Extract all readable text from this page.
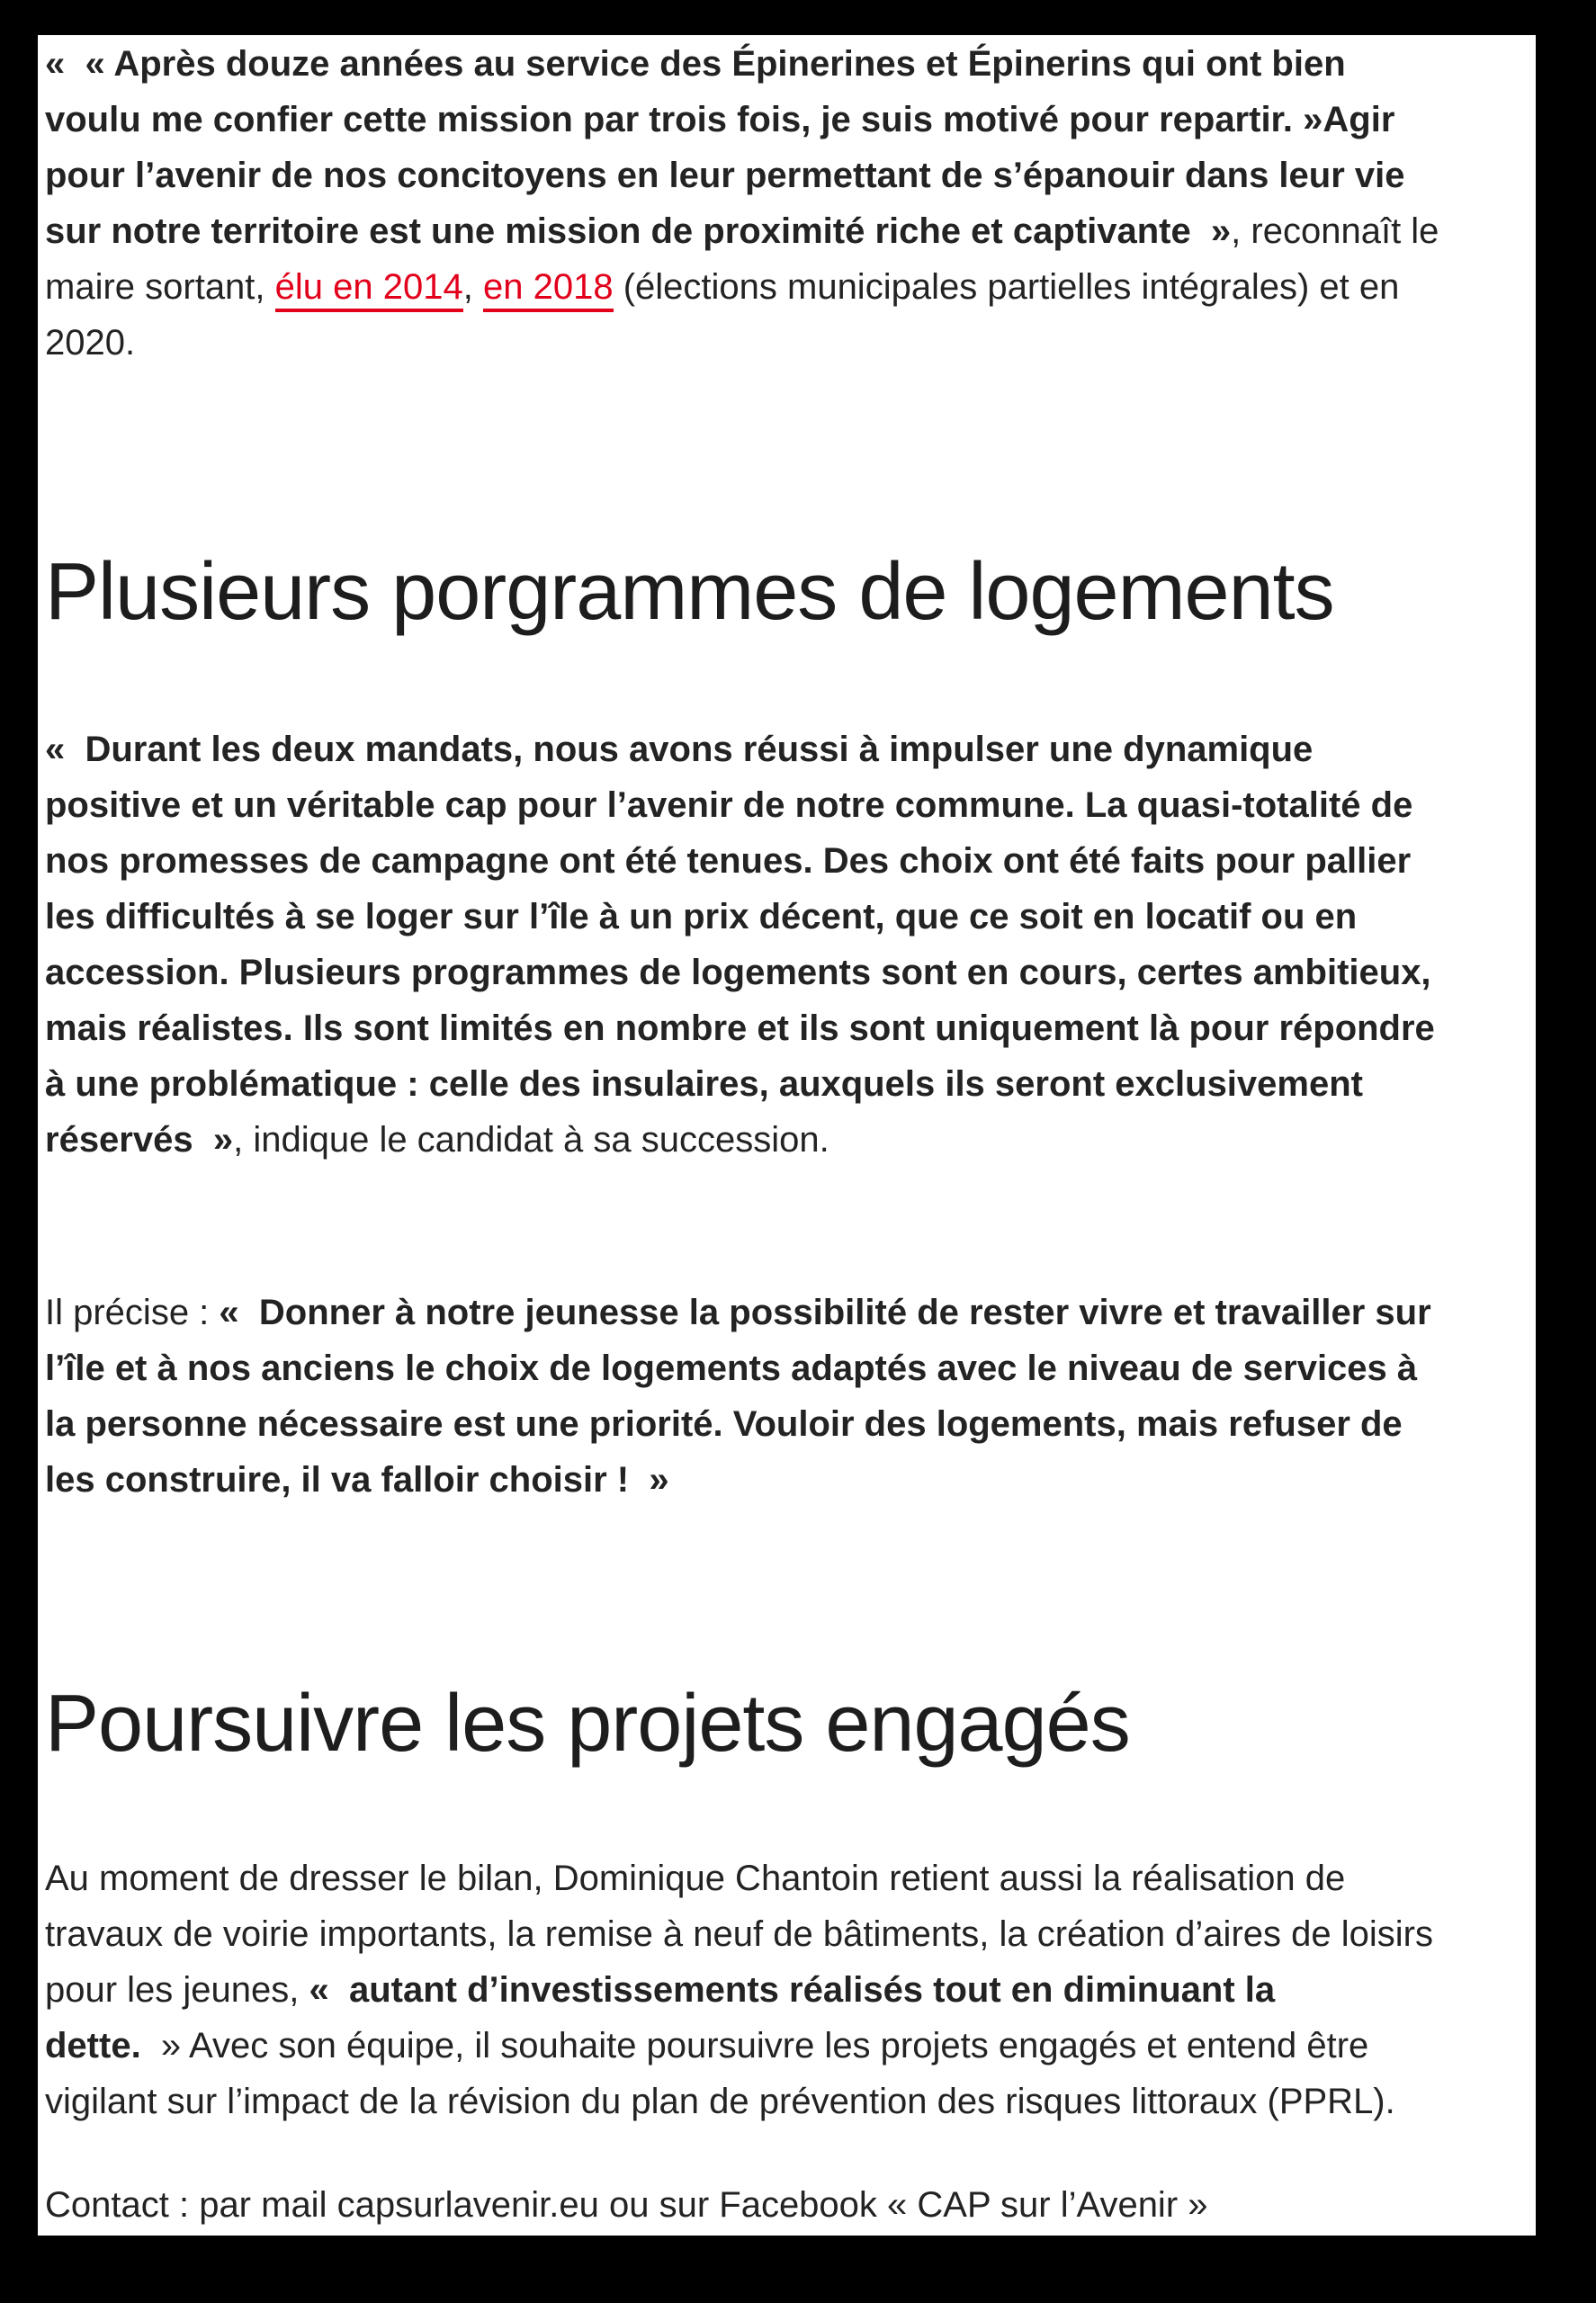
«  « Après douze années au service des Épinerines et Épinerins qui ont bien
voulu me confier cette mission par trois fois, je suis motivé pour repartir. »Agir
pour l’avenir de nos concitoyens en leur permettant de s’épanouir dans leur vie
sur notre territoire est une mission de proximité riche et captivante  », reconnaît le
maire sortant, élu en 2014, en 2018 (élections municipales partielles intégrales) et en
2020.
Plusieurs porgrammes de logements
«  Durant les deux mandats, nous avons réussi à impulser une dynamique
positive et un véritable cap pour l’avenir de notre commune. La quasi-totalité de
nos promesses de campagne ont été tenues. Des choix ont été faits pour pallier
les difficultés à se loger sur l’île à un prix décent, que ce soit en locatif ou en
accession. Plusieurs programmes de logements sont en cours, certes ambitieux,
mais réalistes. Ils sont limités en nombre et ils sont uniquement là pour répondre
à une problématique : celle des insulaires, auxquels ils seront exclusivement
réservés  », indique le candidat à sa succession.
Il précise : «  Donner à notre jeunesse la possibilité de rester vivre et travailler sur
l’île et à nos anciens le choix de logements adaptés avec le niveau de services à
la personne nécessaire est une priorité. Vouloir des logements, mais refuser de
les construire, il va falloir choisir !  »
Poursuivre les projets engagés
Au moment de dresser le bilan, Dominique Chantoin retient aussi la réalisation de
travaux de voirie importants, la remise à neuf de bâtiments, la création d’aires de loisirs
pour les jeunes, «  autant d’investissements réalisés tout en diminuant la
dette.  » Avec son équipe, il souhaite poursuivre les projets engagés et entend être
vigilant sur l’impact de la révision du plan de prévention des risques littoraux (PPRL).
Contact : par mail capsurlavenir.eu ou sur Facebook « CAP sur l’Avenir »
